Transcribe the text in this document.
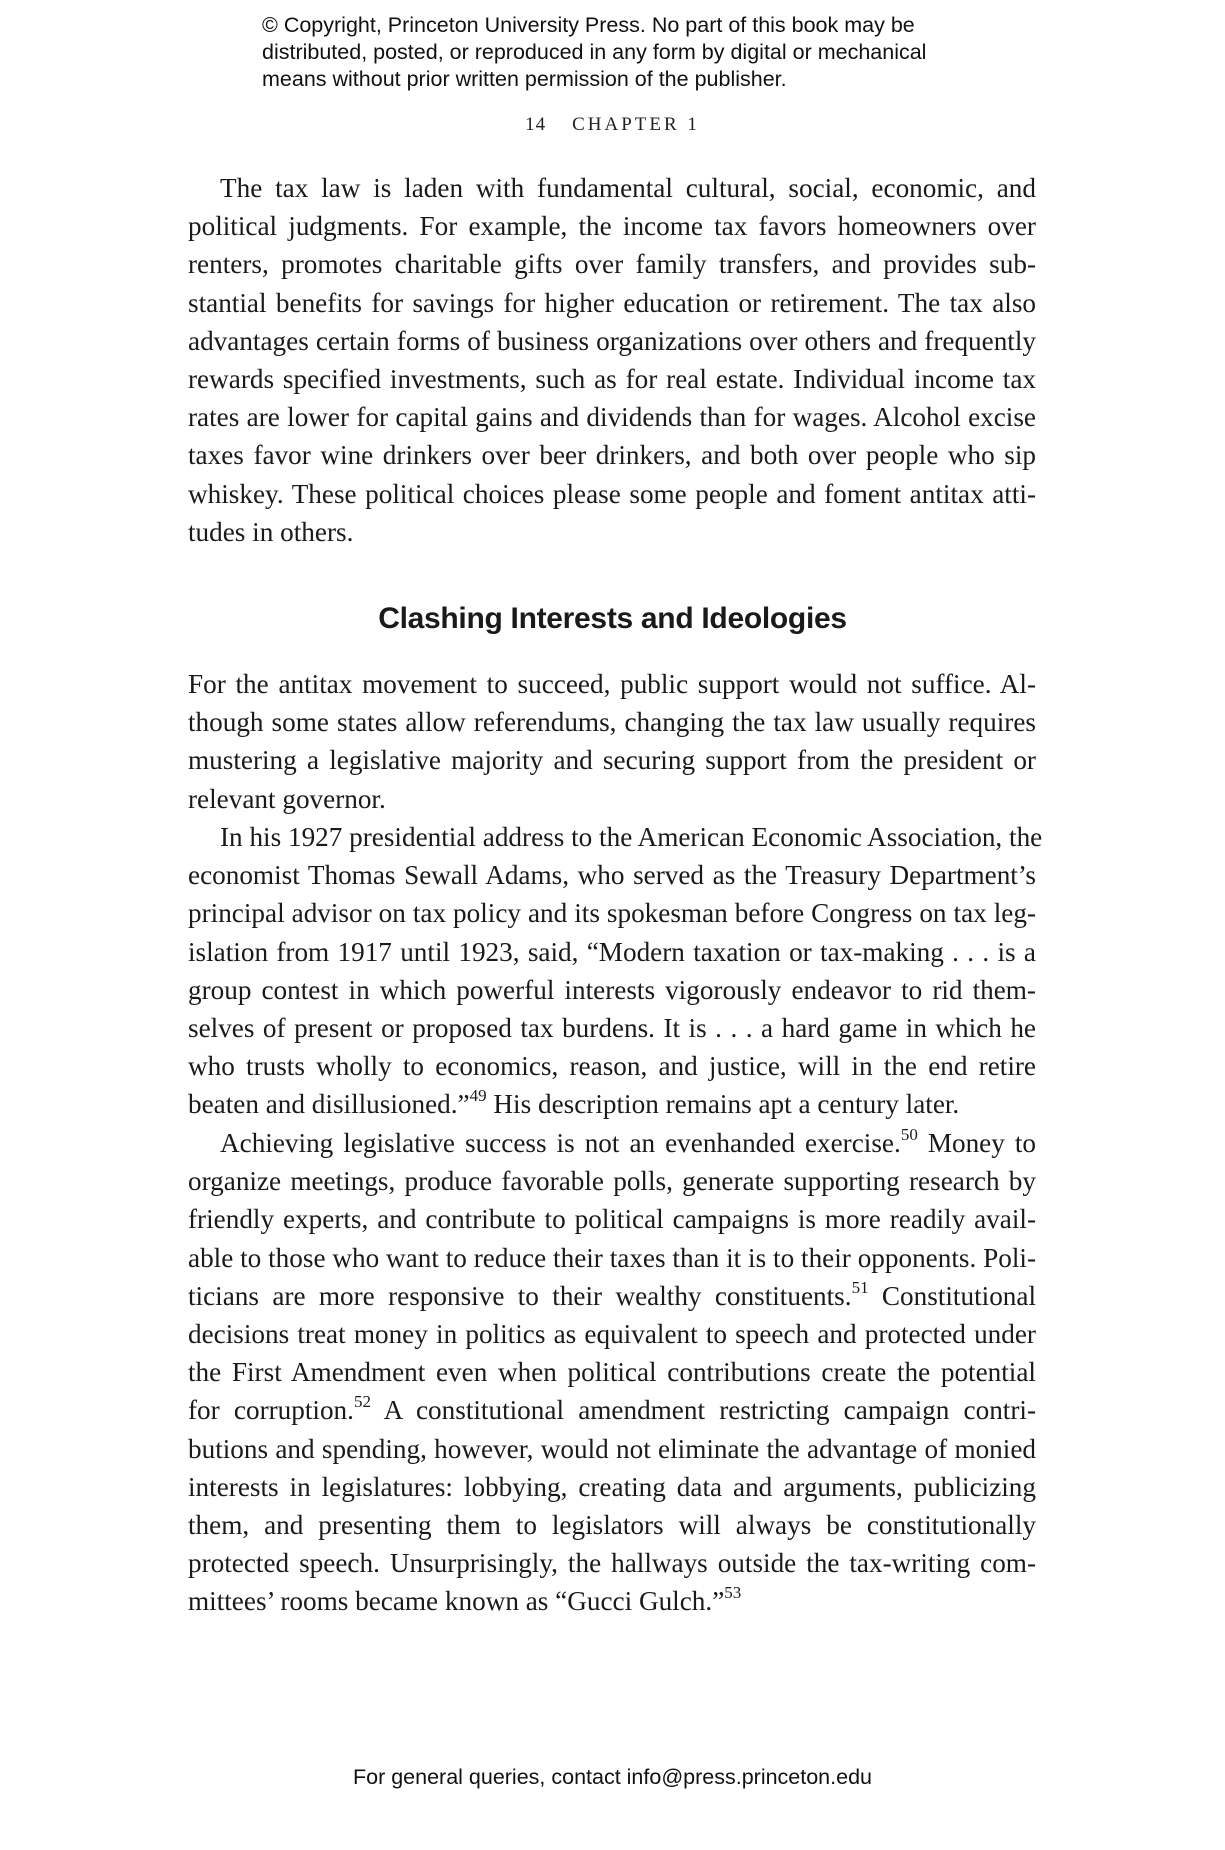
© Copyright, Princeton University Press. No part of this book may be
distributed, posted, or reproduced in any form by digital or mechanical
means without prior written permission of the publisher.
14 CHAPTER 1
The tax law is laden with fundamental cultural, social, economic, and
political judgments. For example, the income tax favors homeowners over
renters, promotes charitable gifts over family transfers, and provides sub-
stantial benefits for savings for higher education or retirement. The tax also
advantages certain forms of business organizations over others and frequently
rewards specified investments, such as for real estate. Individual income tax
rates are lower for capital gains and dividends than for wages. Alcohol excise
taxes favor wine drinkers over beer drinkers, and both over people who sip
whiskey. These political choices please some people and foment antitax atti-
tudes in others.
Clashing Interests and Ideologies
For the antitax movement to succeed, public support would not suffice. Al-
though some states allow referendums, changing the tax law usually requires
mustering a legislative majority and securing support from the president or
relevant governor.
In his 1927 presidential address to the American Economic Association, the
economist Thomas Sewall Adams, who served as the Treasury Department’s
principal advisor on tax policy and its spokesman before Congress on tax leg-
islation from 1917 until 1923, said, “Modern taxation or tax-making . . . is a
group contest in which powerful interests vigorously endeavor to rid them-
selves of present or proposed tax burdens. It is . . . a hard game in which he
who trusts wholly to economics, reason, and justice, will in the end retire
beaten and disillusioned.”$^{49}$ His description remains apt a century later.
Achieving legislative success is not an evenhanded exercise.$^{50}$ Money to
organize meetings, produce favorable polls, generate supporting research by
friendly experts, and contribute to political campaigns is more readily avail-
able to those who want to reduce their taxes than it is to their opponents. Poli-
ticians are more responsive to their wealthy constituents.$^{51}$ Constitutional
decisions treat money in politics as equivalent to speech and protected under
the First Amendment even when political contributions create the potential
for corruption.$^{52}$ A constitutional amendment restricting campaign contri-
butions and spending, however, would not eliminate the advantage of monied
interests in legislatures: lobbying, creating data and arguments, publicizing
them, and presenting them to legislators will always be constitutionally
protected speech. Unsurprisingly, the hallways outside the tax-writing com-
mittees’ rooms became known as “Gucci Gulch.”$^{53}$
For general queries, contact info@press.princeton.edu
